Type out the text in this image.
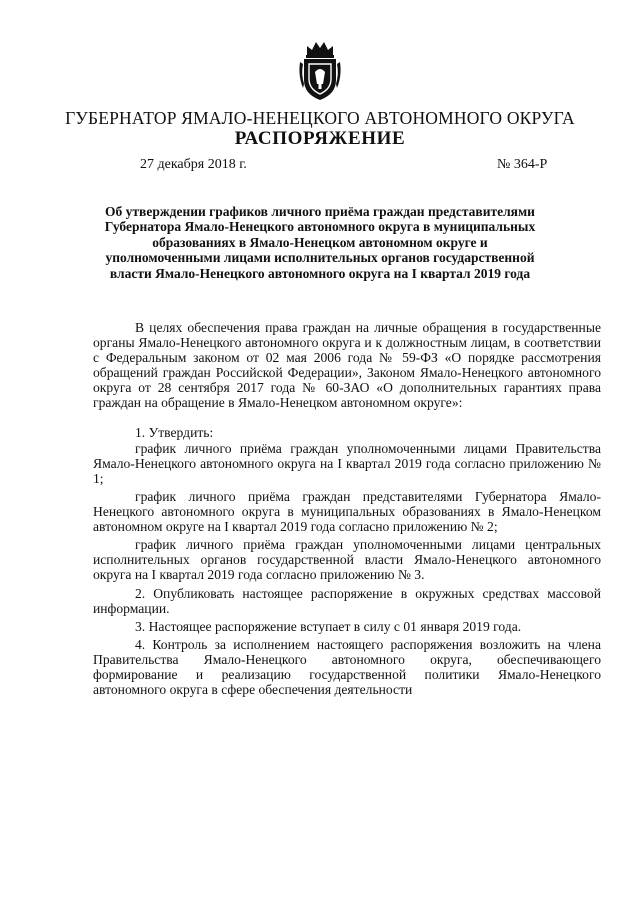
ГУБЕРНАТОР ЯМАЛО-НЕНЕЦКОГО АВТОНОМНОГО ОКРУГА
РАСПОРЯЖЕНИЕ
27 декабря 2018 г.	№ 364-Р
Об утверждении графиков личного приёма граждан представителями Губернатора Ямало-Ненецкого автономного округа в муниципальных образованиях в Ямало-Ненецком автономном округе и уполномоченными лицами исполнительных органов государственной власти Ямало-Ненецкого автономного округа на I квартал 2019 года

В целях обеспечения права граждан на личные обращения в государственные органы Ямало-Ненецкого автономного округа и к должностным лицам, в соответствии с Федеральным законом от 02 мая 2006 года № 59-ФЗ «О порядке рассмотрения обращений граждан Российской Федерации», Законом Ямало-Ненецкого автономного округа от 28 сентября 2017 года № 60-ЗАО «О дополнительных гарантиях права граждан на обращение в Ямало-Ненецком автономном округе»:

1. Утвердить:

график личного приёма граждан уполномоченными лицами Правительства Ямало-Ненецкого автономного округа на I квартал 2019 года согласно приложению № 1;

график личного приёма граждан представителями Губернатора Ямало-Ненецкого автономного округа в муниципальных образованиях в Ямало-Ненецком автономном округе на I квартал 2019 года согласно приложению № 2;

график личного приёма граждан уполномоченными лицами центральных исполнительных органов государственной власти Ямало-Ненецкого автономного округа на I квартал 2019 года согласно приложению № 3.

2. Опубликовать настоящее распоряжение в окружных средствах массовой информации.

3. Настоящее распоряжение вступает в силу с 01 января 2019 года.

4. Контроль за исполнением настоящего распоряжения возложить на члена Правительства Ямало-Ненецкого автономного округа, обеспечивающего формирование и реализацию государственной политики Ямало-Ненецкого автономного округа в сфере обеспечения деятельности
